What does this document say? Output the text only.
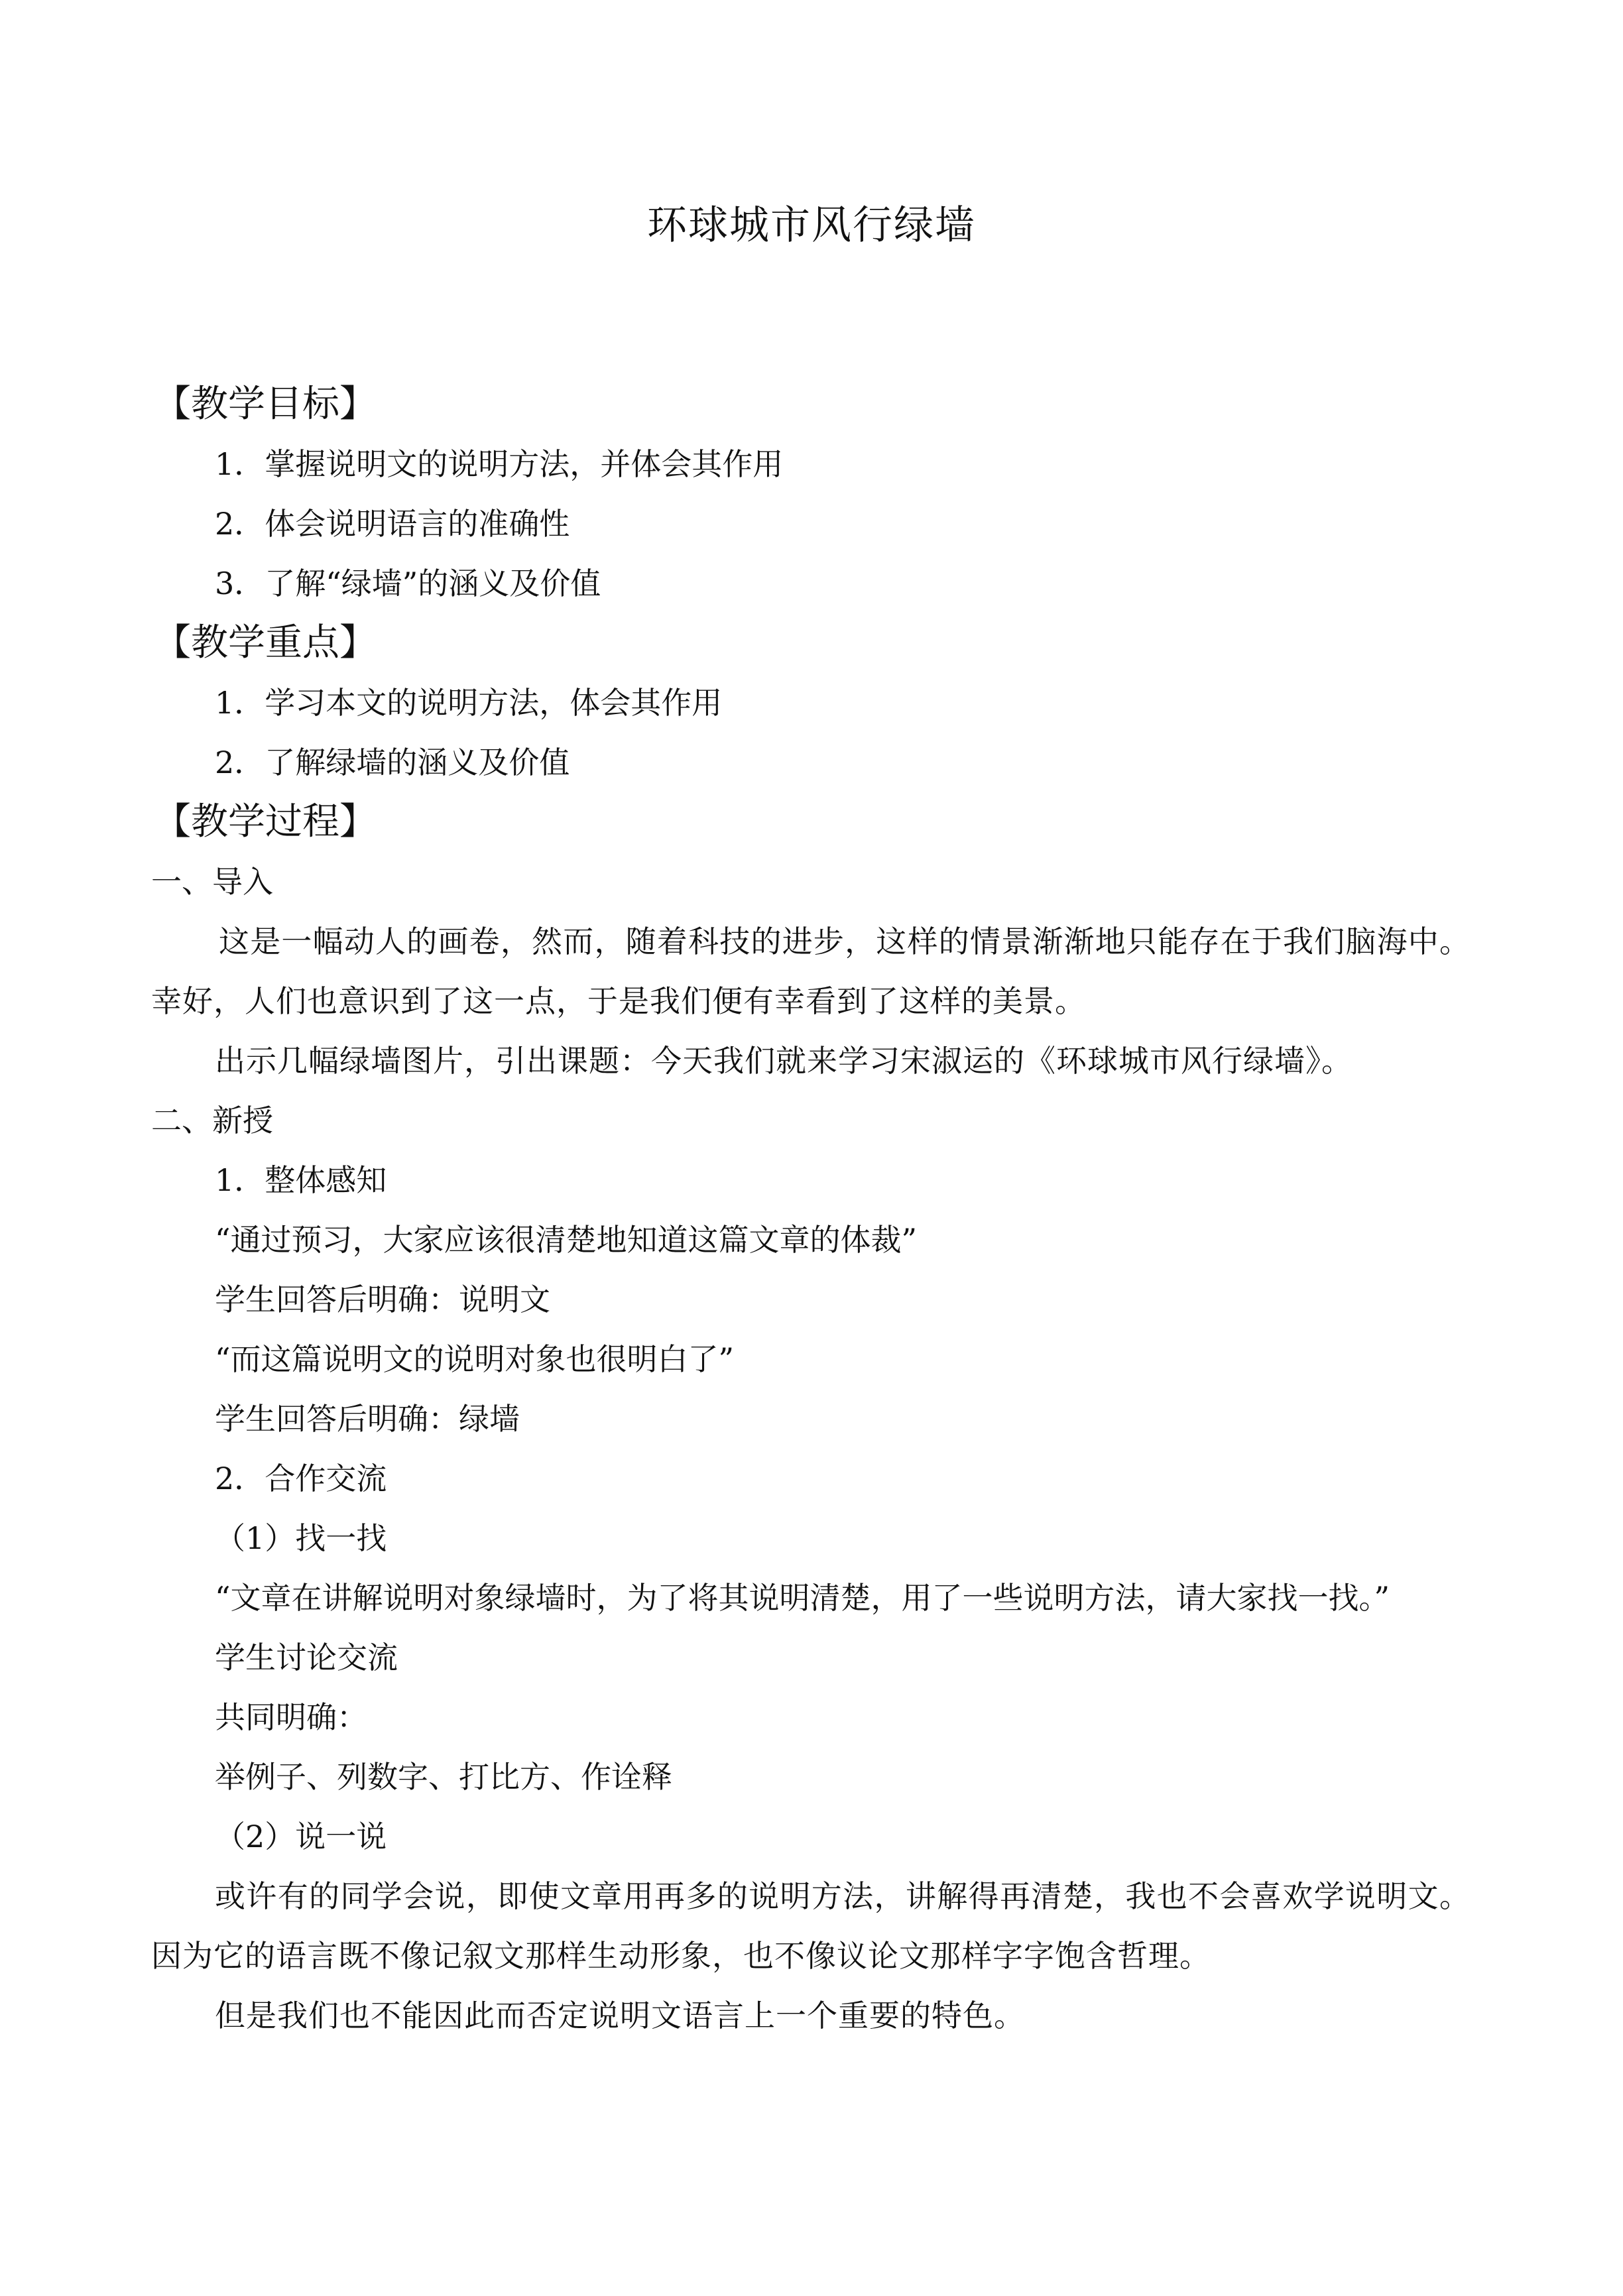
环球城市风行绿墙
【教学目标】
1．掌握说明文的说明方法，并体会其作用
2．体会说明语言的准确性
3．了解“绿墙”的涵义及价值
【教学重点】
1．学习本文的说明方法，体会其作用
2．了解绿墙的涵义及价值
【教学过程】
一、导入
这是一幅动人的画卷，然而，随着科技的进步，这样的情景渐渐地只能存在于我们脑海中。幸好，人们也意识到了这一点，于是我们便有幸看到了这样的美景。
出示几幅绿墙图片，引出课题：今天我们就来学习宋淑运的《环球城市风行绿墙》。
二、新授
1．整体感知
“通过预习，大家应该很清楚地知道这篇文章的体裁”
学生回答后明确：说明文
“而这篇说明文的说明对象也很明白了”
学生回答后明确：绿墙
2．合作交流
（1）找一找
“文章在讲解说明对象绿墙时，为了将其说明清楚，用了一些说明方法，请大家找一找。”
学生讨论交流
共同明确：
举例子、列数字、打比方、作诠释
（2）说一说
或许有的同学会说，即使文章用再多的说明方法，讲解得再清楚，我也不会喜欢学说明文。因为它的语言既不像记叙文那样生动形象，也不像议论文那样字字饱含哲理。
但是我们也不能因此而否定说明文语言上一个重要的特色。
